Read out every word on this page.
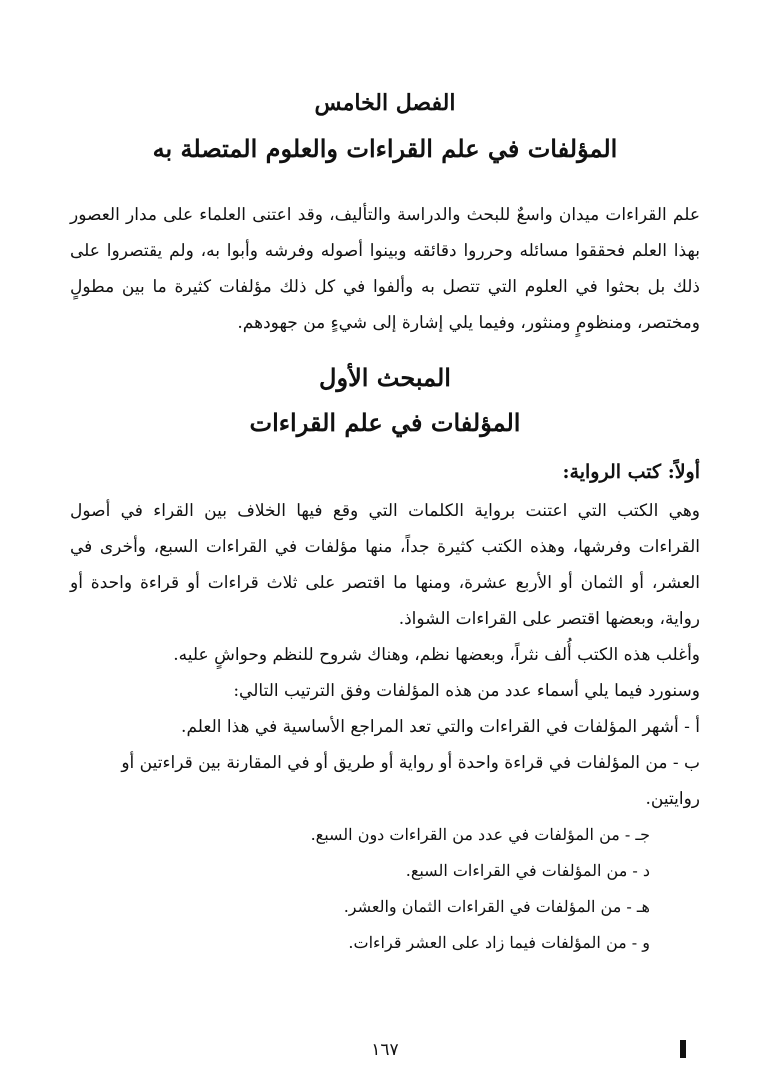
الفصل الخامس
المؤلفات في علم القراءات والعلوم المتصلة به

علم القراءات ميدان واسعٌ للبحث والدراسة والتأليف، وقد اعتنى العلماء على مدار العصور بهذا العلم فحققوا مسائله وحرروا دقائقه وبينوا أصوله وفرشه وأبوا به، ولم يقتصروا على ذلك بل بحثوا في العلوم التي تتصل به وألفوا في كل ذلك مؤلفات كثيرة ما بين مطولٍ ومختصر، ومنظومٍ ومنثور، وفيما يلي إشارة إلى شيءٍ من جهودهم.

المبحث الأول
المؤلفات في علم القراءات
أولاً: كتب الرواية:

وهي الكتب التي اعتنت برواية الكلمات التي وقع فيها الخلاف بين القراء في أصول القراءات وفرشها، وهذه الكتب كثيرة جداً، منها مؤلفات في القراءات السبع، وأخرى في العشر، أو الثمان أو الأربع عشرة، ومنها ما اقتصر على ثلاث قراءات أو قراءة واحدة أو رواية، وبعضها اقتصر على القراءات الشواذ.

وأغلب هذه الكتب أُلف نثراً، وبعضها نظم، وهناك شروح للنظم وحواشٍ عليه.

وسنورد فيما يلي أسماء عدد من هذه المؤلفات وفق الترتيب التالي:

أ - أشهر المؤلفات في القراءات والتي تعد المراجع الأساسية في هذا العلم.

ب - من المؤلفات في قراءة واحدة أو رواية أو طريق أو في المقارنة بين قراءتين أو روايتين.

جـ - من المؤلفات في عدد من القراءات دون السبع.

د - من المؤلفات في القراءات السبع.

هـ - من المؤلفات في القراءات الثمان والعشر.

و - من المؤلفات فيما زاد على العشر قراءات.

١٦٧
